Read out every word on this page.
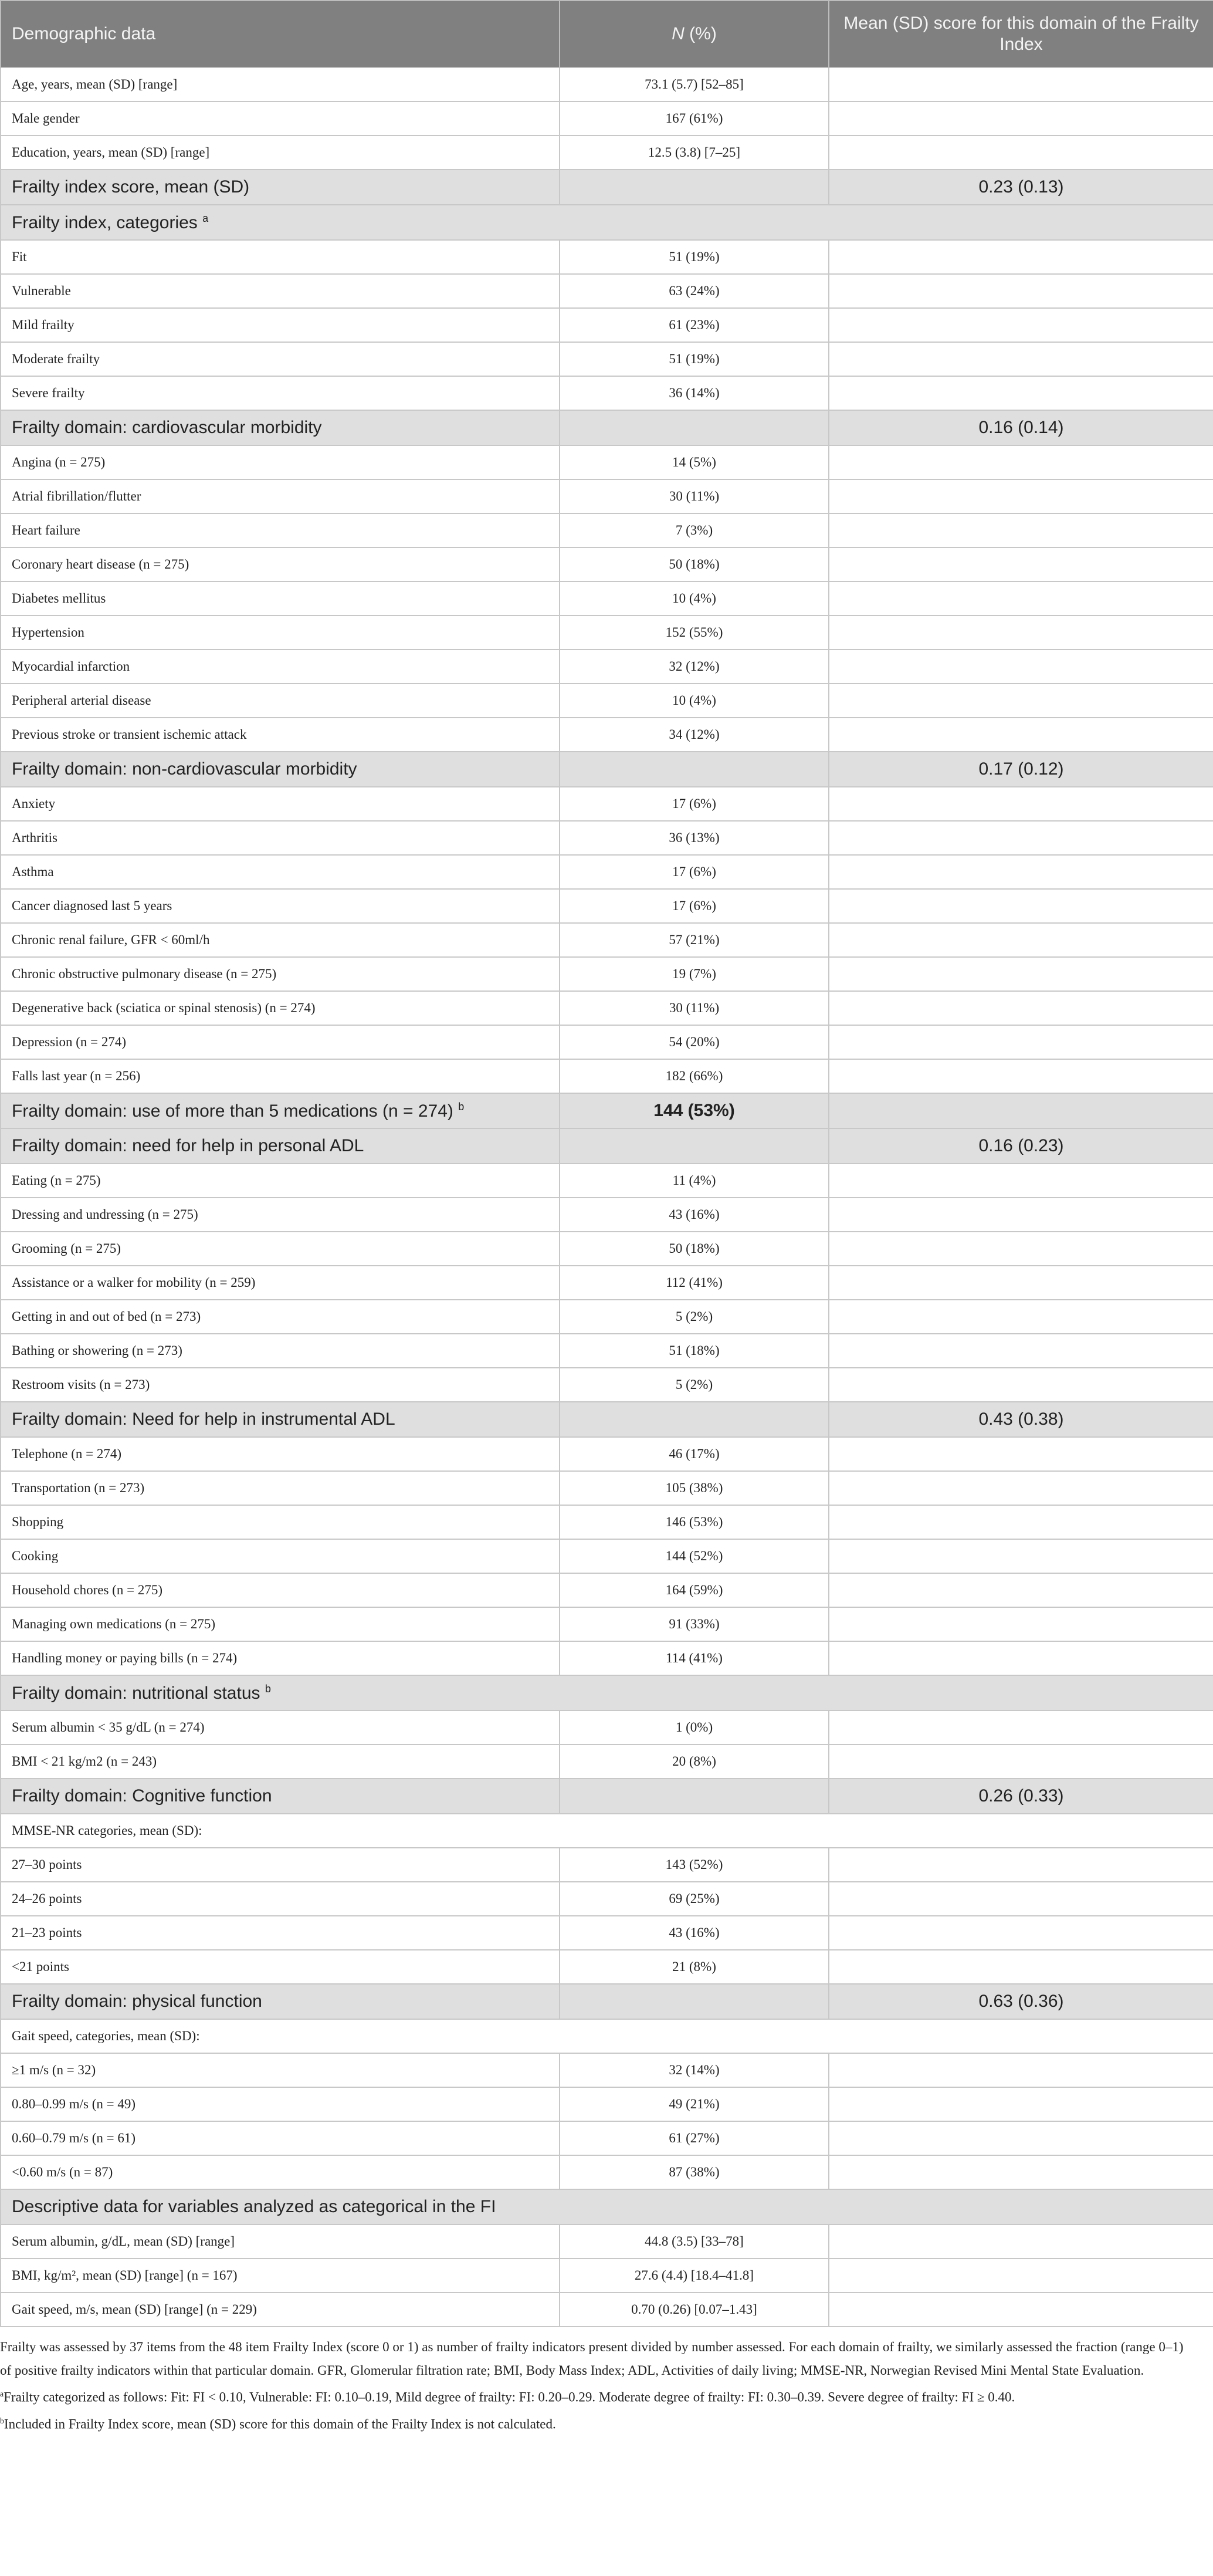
Demographic data	N (%)	Mean (SD) score for this domain of the Frailty Index
Age, years, mean (SD) [range]	73.1 (5.7) [52–85]	
Male gender	167 (61%)	
Education, years, mean (SD) [range]	12.5 (3.8) [7–25]	
Frailty index score, mean (SD)		0.23 (0.13)
Frailty index, categories $^a$
Fit	51 (19%)	
Vulnerable	63 (24%)	
Mild frailty	61 (23%)	
Moderate frailty	51 (19%)	
Severe frailty	36 (14%)	
Frailty domain: cardiovascular morbidity		0.16 (0.14)
Angina (n = 275)	14 (5%)	
Atrial fibrillation/flutter	30 (11%)	
Heart failure	7 (3%)	
Coronary heart disease (n = 275)	50 (18%)	
Diabetes mellitus	10 (4%)	
Hypertension	152 (55%)	
Myocardial infarction	32 (12%)	
Peripheral arterial disease	10 (4%)	
Previous stroke or transient ischemic attack	34 (12%)	
Frailty domain: non-cardiovascular morbidity		0.17 (0.12)
Anxiety	17 (6%)	
Arthritis	36 (13%)	
Asthma	17 (6%)	
Cancer diagnosed last 5 years	17 (6%)	
Chronic renal failure, GFR < 60ml/h	57 (21%)	
Chronic obstructive pulmonary disease (n = 275)	19 (7%)	
Degenerative back (sciatica or spinal stenosis) (n = 274)	30 (11%)	
Depression (n = 274)	54 (20%)	
Falls last year (n = 256)	182 (66%)	
Frailty domain: use of more than 5 medications (n = 274) $^b$	144 (53%)	
Frailty domain: need for help in personal ADL		0.16 (0.23)
Eating (n = 275)	11 (4%)	
Dressing and undressing (n = 275)	43 (16%)	
Grooming (n = 275)	50 (18%)	
Assistance or a walker for mobility (n = 259)	112 (41%)	
Getting in and out of bed (n = 273)	5 (2%)	
Bathing or showering (n = 273)	51 (18%)	
Restroom visits (n = 273)	5 (2%)	
Frailty domain: Need for help in instrumental ADL		0.43 (0.38)
Telephone (n = 274)	46 (17%)	
Transportation (n = 273)	105 (38%)	
Shopping	146 (53%)	
Cooking	144 (52%)	
Household chores (n = 275)	164 (59%)	
Managing own medications (n = 275)	91 (33%)	
Handling money or paying bills (n = 274)	114 (41%)	
Frailty domain: nutritional status $^b$
Serum albumin < 35 g/dL (n = 274)	1 (0%)	
BMI < 21 kg/m2 (n = 243)	20 (8%)	
Frailty domain: Cognitive function		0.26 (0.33)
MMSE-NR categories, mean (SD):		
27–30 points	143 (52%)	
24–26 points	69 (25%)	
21–23 points	43 (16%)	
<21 points	21 (8%)	
Frailty domain: physical function		0.63 (0.36)
Gait speed, categories, mean (SD):		
≥1 m/s (n = 32)	32 (14%)	
0.80–0.99 m/s (n = 49)	49 (21%)	
0.60–0.79 m/s (n = 61)	61 (27%)	
<0.60 m/s (n = 87)	87 (38%)	
Descriptive data for variables analyzed as categorical in the FI		
Serum albumin, g/dL, mean (SD) [range]	44.8 (3.5) [33–78]	
BMI, kg/m², mean (SD) [range] (n = 167)	27.6 (4.4) [18.4–41.8]	
Gait speed, m/s, mean (SD) [range] (n = 229)	0.70 (0.26) [0.07–1.43]	

Frailty was assessed by 37 items from the 48 item Frailty Index (score 0 or 1) as number of frailty indicators present divided by number assessed. For each domain of frailty, we similarly assessed the fraction (range 0–1) of positive frailty indicators within that particular domain. GFR, Glomerular filtration rate; BMI, Body Mass Index; ADL, Activities of daily living; MMSE-NR, Norwegian Revised Mini Mental State Evaluation.

$^a$Frailty categorized as follows: Fit: FI < 0.10, Vulnerable: FI: 0.10–0.19, Mild degree of frailty: FI: 0.20–0.29. Moderate degree of frailty: FI: 0.30–0.39. Severe degree of frailty: FI ≥ 0.40.

$^b$Included in Frailty Index score, mean (SD) score for this domain of the Frailty Index is not calculated.
